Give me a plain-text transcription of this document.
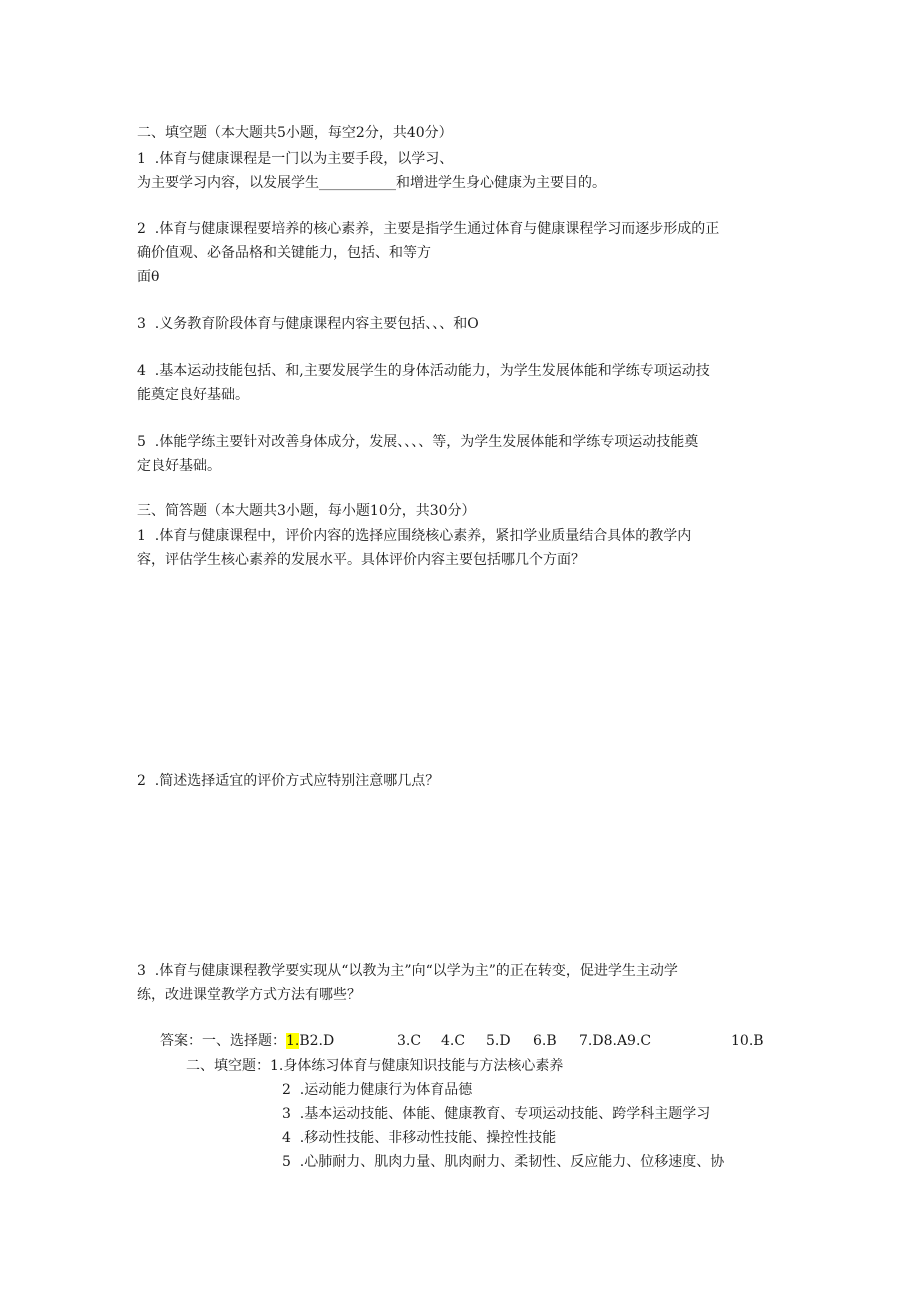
二、填空题（本大题共5小题，每空2分，共40分）
1  .体育与健康课程是一门以为主要手段，以学习、
为主要学习内容，以发展学生___________和增进学生身心健康为主要目的。
2  .体育与健康课程要培养的核心素养，主要是指学生通过体育与健康课程学习而逐步形成的正
确价值观、必备品格和关键能力，包括、和等方
面θ
3  .义务教育阶段体育与健康课程内容主要包括、、、和O
4  .基本运动技能包括、和,主要发展学生的身体活动能力，为学生发展体能和学练专项运动技
能奠定良好基础。
5  .体能学练主要针对改善身体成分，发展、、、、等，为学生发展体能和学练专项运动技能奠
定良好基础。
三、简答题（本大题共3小题，每小题10分，共30分）
1  .体育与健康课程中，评价内容的选择应围绕核心素养，紧扣学业质量结合具体的教学内
容，评估学生核心素养的发展水平。具体评价内容主要包括哪几个方面？
2  .简述选择适宜的评价方式应特别注意哪几点？
3  .体育与健康课程教学要实现从“以教为主”向“以学为主”的正在转变，促进学生主动学
练，改进课堂教学方式方法有哪些？
答案：一、选择题：1.B2.D	3.C 4.C 5.D 6.B 7.D8.A9.C	10.B
二、填空题：1.身体练习体育与健康知识技能与方法核心素养
2  .运动能力健康行为体育品德
3  .基本运动技能、体能、健康教育、专项运动技能、跨学科主题学习
4  .移动性技能、非移动性技能、操控性技能
5  .心肺耐力、肌肉力量、肌肉耐力、柔韧性、反应能力、位移速度、协
